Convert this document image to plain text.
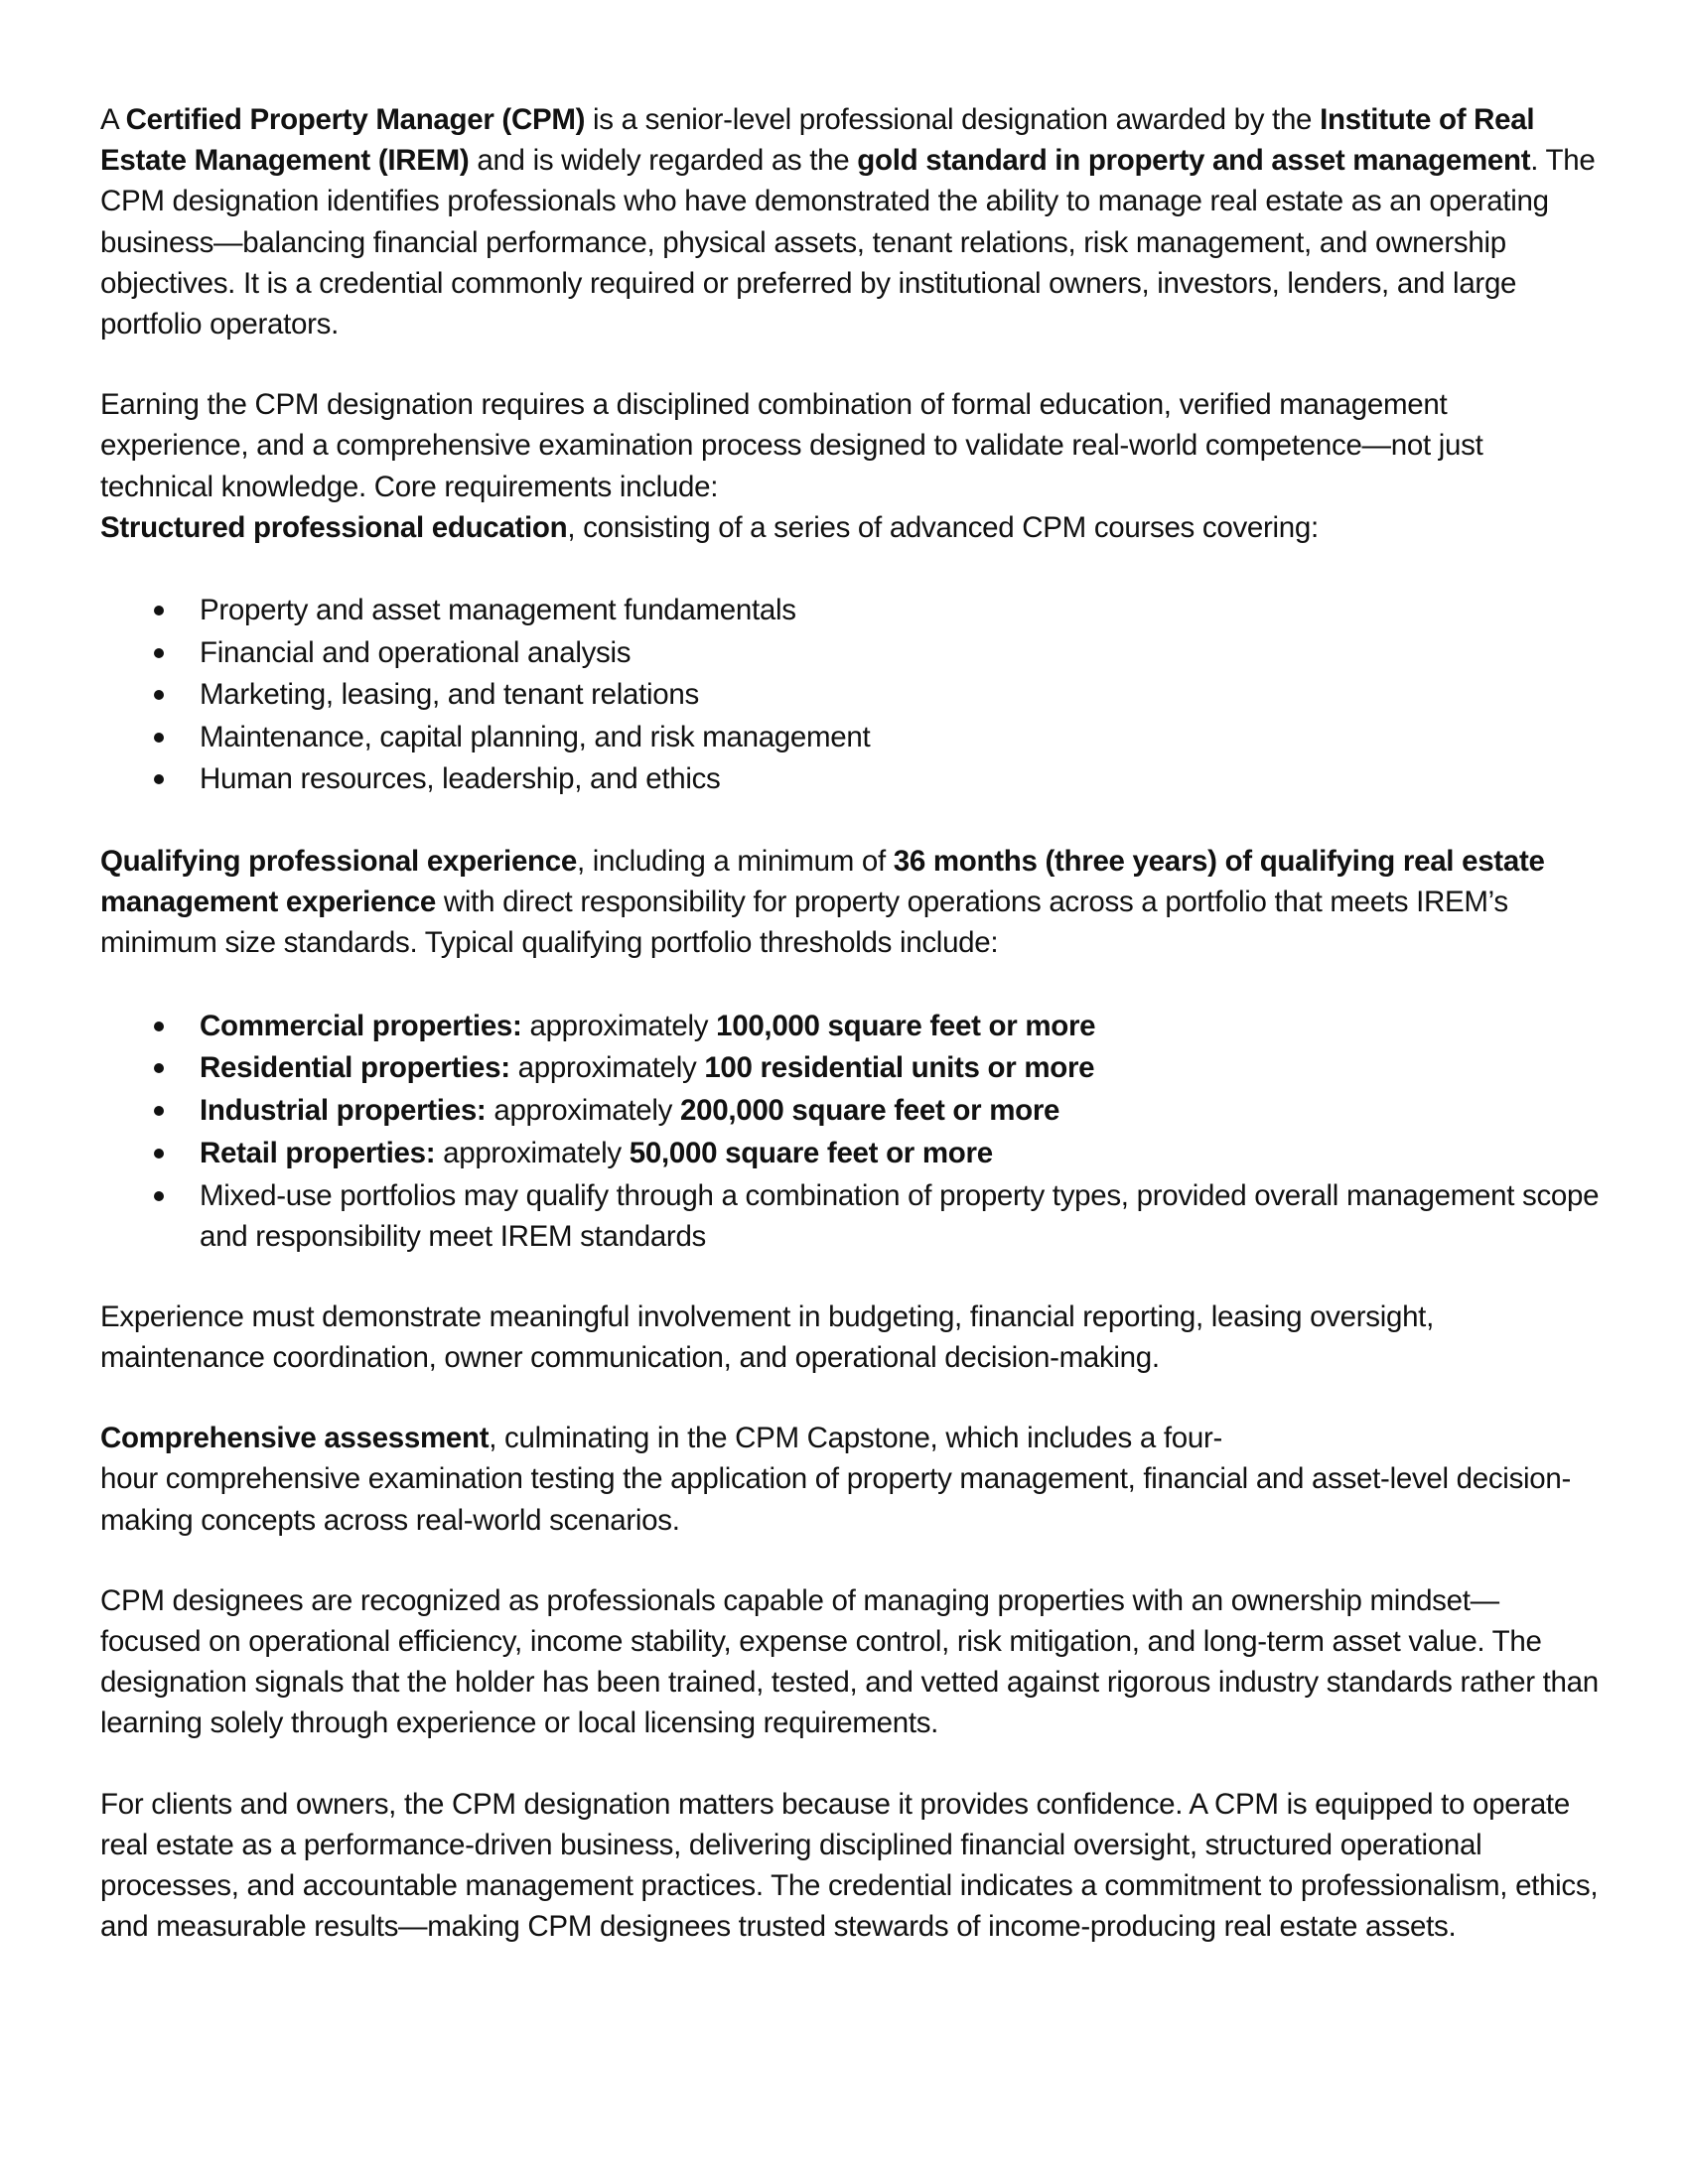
A Certified Property Manager (CPM) is a senior-level professional designation awarded by the Institute of Real Estate Management (IREM) and is widely regarded as the gold standard in property and asset management. The CPM designation identifies professionals who have demonstrated the ability to manage real estate as an operating business—balancing financial performance, physical assets, tenant relations, risk management, and ownership objectives. It is a credential commonly required or preferred by institutional owners, investors, lenders, and large portfolio operators.

Earning the CPM designation requires a disciplined combination of formal education, verified management experience, and a comprehensive examination process designed to validate real-world competence—not just technical knowledge. Core requirements include:

Structured professional education, consisting of a series of advanced CPM courses covering:

Property and asset management fundamentals
Financial and operational analysis
Marketing, leasing, and tenant relations
Maintenance, capital planning, and risk management
Human resources, leadership, and ethics

Qualifying professional experience, including a minimum of 36 months (three years) of qualifying real estate management experience with direct responsibility for property operations across a portfolio that meets IREM’s minimum size standards. Typical qualifying portfolio thresholds include:

Commercial properties: approximately 100,000 square feet or more
Residential properties: approximately 100 residential units or more
Industrial properties: approximately 200,000 square feet or more
Retail properties: approximately 50,000 square feet or more
Mixed-use portfolios may qualify through a combination of property types, provided overall management scope and responsibility meet IREM standards

Experience must demonstrate meaningful involvement in budgeting, financial reporting, leasing oversight, maintenance coordination, owner communication, and operational decision-making.

Comprehensive assessment, culminating in the CPM Capstone, which includes a four-
hour comprehensive examination testing the application of property management, financial and asset-level decision-making concepts across real-world scenarios.

CPM designees are recognized as professionals capable of managing properties with an ownership mindset—focused on operational efficiency, income stability, expense control, risk mitigation, and long-term asset value. The designation signals that the holder has been trained, tested, and vetted against rigorous industry standards rather than learning solely through experience or local licensing requirements.

For clients and owners, the CPM designation matters because it provides confidence. A CPM is equipped to operate real estate as a performance-driven business, delivering disciplined financial oversight, structured operational processes, and accountable management practices. The credential indicates a commitment to professionalism, ethics, and measurable results—making CPM designees trusted stewards of income-producing real estate assets.
